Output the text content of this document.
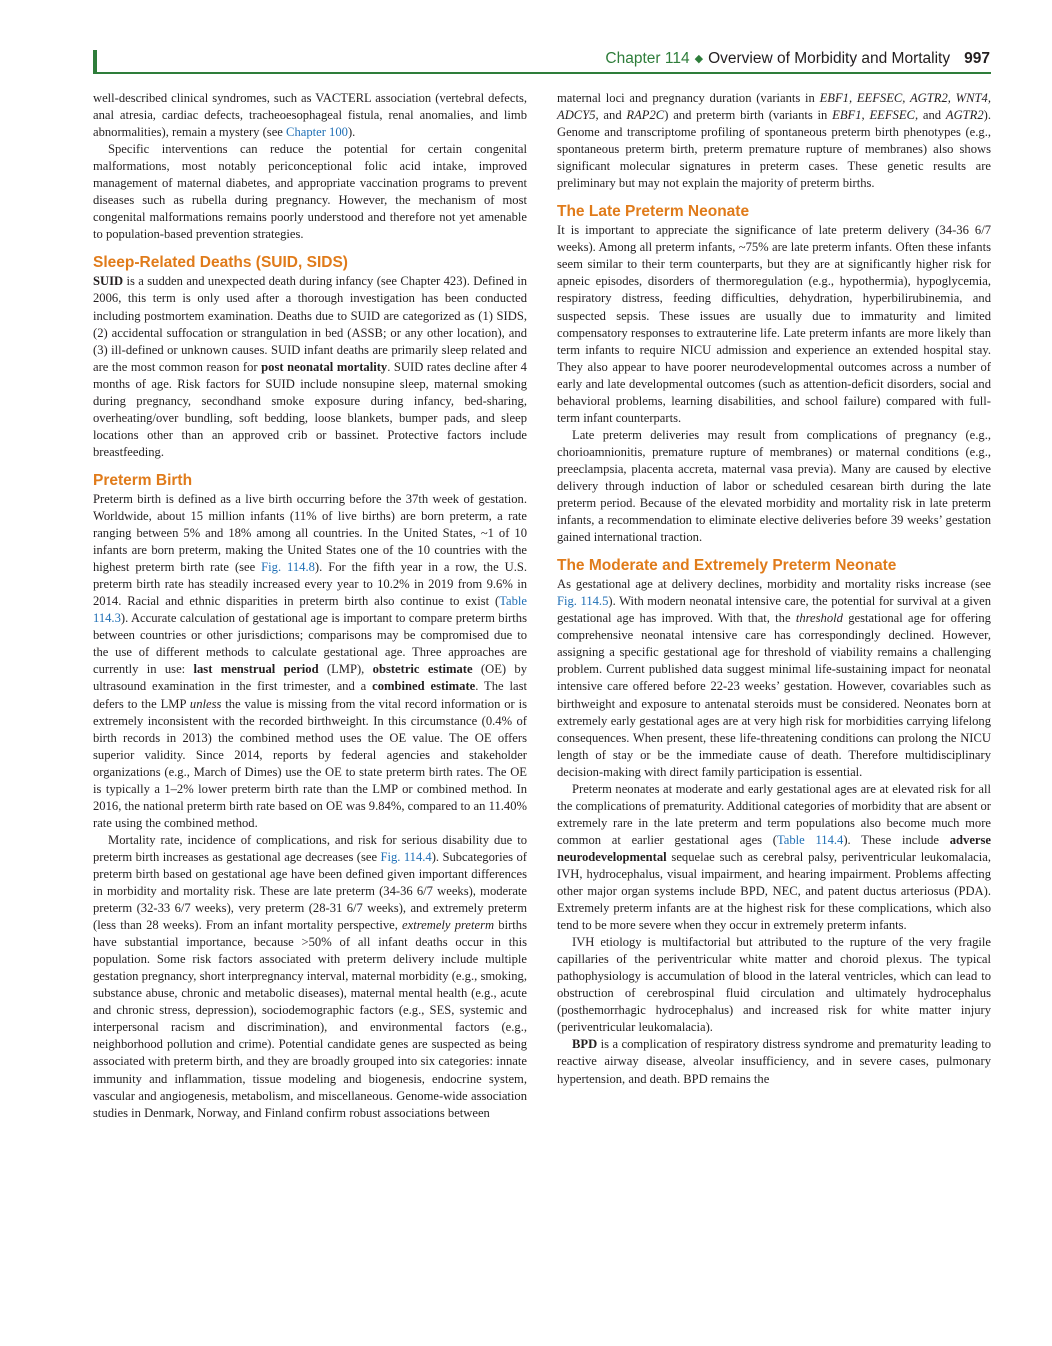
Chapter 114 ◆ Overview of Morbidity and Mortality 997

well-described clinical syndromes, such as VACTERL association (vertebral defects, anal atresia, cardiac defects, tracheoesophageal fistula, renal anomalies, and limb abnormalities), remain a mystery (see Chapter 100).

Specific interventions can reduce the potential for certain congenital malformations, most notably periconceptional folic acid intake, improved management of maternal diabetes, and appropriate vaccination programs to prevent diseases such as rubella during pregnancy. However, the mechanism of most congenital malformations remains poorly understood and therefore not yet amenable to population-based prevention strategies.

Sleep-Related Deaths (SUID, SIDS)

SUID is a sudden and unexpected death during infancy (see Chapter 423). Defined in 2006, this term is only used after a thorough investigation has been conducted including postmortem examination. Deaths due to SUID are categorized as (1) SIDS, (2) accidental suffocation or strangulation in bed (ASSB; or any other location), and (3) ill-defined or unknown causes. SUID infant deaths are primarily sleep related and are the most common reason for post neonatal mortality. SUID rates decline after 4 months of age. Risk factors for SUID include nonsupine sleep, maternal smoking during pregnancy, secondhand smoke exposure during infancy, bed-sharing, overheating/over bundling, soft bedding, loose blankets, bumper pads, and sleep locations other than an approved crib or bassinet. Protective factors include breastfeeding.

Preterm Birth

Preterm birth is defined as a live birth occurring before the 37th week of gestation. Worldwide, about 15 million infants (11% of live births) are born preterm, a rate ranging between 5% and 18% among all countries. In the United States, ~1 of 10 infants are born preterm, making the United States one of the 10 countries with the highest preterm birth rate (see Fig. 114.8). For the fifth year in a row, the U.S. preterm birth rate has steadily increased every year to 10.2% in 2019 from 9.6% in 2014. Racial and ethnic disparities in preterm birth also continue to exist (Table 114.3). Accurate calculation of gestational age is important to compare preterm births between countries or other jurisdictions; comparisons may be compromised due to the use of different methods to calculate gestational age. Three approaches are currently in use: last menstrual period (LMP), obstetric estimate (OE) by ultrasound examination in the first trimester, and a combined estimate. The last defers to the LMP unless the value is missing from the vital record information or is extremely inconsistent with the recorded birthweight. In this circumstance (0.4% of birth records in 2013) the combined method uses the OE value. The OE offers superior validity. Since 2014, reports by federal agencies and stakeholder organizations (e.g., March of Dimes) use the OE to state preterm birth rates. The OE is typically a 1–2% lower preterm birth rate than the LMP or combined method. In 2016, the national preterm birth rate based on OE was 9.84%, compared to an 11.40% rate using the combined method.

Mortality rate, incidence of complications, and risk for serious disability due to preterm birth increases as gestational age decreases (see Fig. 114.4). Subcategories of preterm birth based on gestational age have been defined given important differences in morbidity and mortality risk. These are late preterm (34-36 6/7 weeks), moderate preterm (32-33 6/7 weeks), very preterm (28-31 6/7 weeks), and extremely preterm (less than 28 weeks). From an infant mortality perspective, extremely preterm births have substantial importance, because >50% of all infant deaths occur in this population. Some risk factors associated with preterm delivery include multiple gestation pregnancy, short interpregnancy interval, maternal morbidity (e.g., smoking, substance abuse, chronic and metabolic diseases), maternal mental health (e.g., acute and chronic stress, depression), sociodemographic factors (e.g., SES, systemic and interpersonal racism and discrimination), and environmental factors (e.g., neighborhood pollution and crime). Potential candidate genes are suspected as being associated with preterm birth, and they are broadly grouped into six categories: innate immunity and inflammation, tissue modeling and biogenesis, endocrine system, vascular and angiogenesis, metabolism, and miscellaneous. Genome-wide association studies in Denmark, Norway, and Finland confirm robust associations between

maternal loci and pregnancy duration (variants in EBF1, EEFSEC, AGTR2, WNT4, ADCY5, and RAP2C) and preterm birth (variants in EBF1, EEFSEC, and AGTR2). Genome and transcriptome profiling of spontaneous preterm birth phenotypes (e.g., spontaneous preterm birth, preterm premature rupture of membranes) also shows significant molecular signatures in preterm cases. These genetic results are preliminary but may not explain the majority of preterm births.

The Late Preterm Neonate

It is important to appreciate the significance of late preterm delivery (34-36 6/7 weeks). Among all preterm infants, ~75% are late preterm infants. Often these infants seem similar to their term counterparts, but they are at significantly higher risk for apneic episodes, disorders of thermoregulation (e.g., hypothermia), hypoglycemia, respiratory distress, feeding difficulties, dehydration, hyperbilirubinemia, and suspected sepsis. These issues are usually due to immaturity and limited compensatory responses to extrauterine life. Late preterm infants are more likely than term infants to require NICU admission and experience an extended hospital stay. They also appear to have poorer neurodevelopmental outcomes across a number of early and late developmental outcomes (such as attention-deficit disorders, social and behavioral problems, learning disabilities, and school failure) compared with full-term infant counterparts.

Late preterm deliveries may result from complications of pregnancy (e.g., chorioamnionitis, premature rupture of membranes) or maternal conditions (e.g., preeclampsia, placenta accreta, maternal vasa previa). Many are caused by elective delivery through induction of labor or scheduled cesarean birth during the late preterm period. Because of the elevated morbidity and mortality risk in late preterm infants, a recommendation to eliminate elective deliveries before 39 weeks’ gestation gained international traction.

The Moderate and Extremely Preterm Neonate

As gestational age at delivery declines, morbidity and mortality risks increase (see Fig. 114.5). With modern neonatal intensive care, the potential for survival at a given gestational age has improved. With that, the threshold gestational age for offering comprehensive neonatal intensive care has correspondingly declined. However, assigning a specific gestational age for threshold of viability remains a challenging problem. Current published data suggest minimal life-sustaining impact for neonatal intensive care offered before 22-23 weeks’ gestation. However, covariables such as birthweight and exposure to antenatal steroids must be considered. Neonates born at extremely early gestational ages are at very high risk for morbidities carrying lifelong consequences. When present, these life-threatening conditions can prolong the NICU length of stay or be the immediate cause of death. Therefore multidisciplinary decision-making with direct family participation is essential.

Preterm neonates at moderate and early gestational ages are at elevated risk for all the complications of prematurity. Additional categories of morbidity that are absent or extremely rare in the late preterm and term populations also become much more common at earlier gestational ages (Table 114.4). These include adverse neurodevelopmental sequelae such as cerebral palsy, periventricular leukomalacia, IVH, hydrocephalus, visual impairment, and hearing impairment. Problems affecting other major organ systems include BPD, NEC, and patent ductus arteriosus (PDA). Extremely preterm infants are at the highest risk for these complications, which also tend to be more severe when they occur in extremely preterm infants.

IVH etiology is multifactorial but attributed to the rupture of the very fragile capillaries of the periventricular white matter and choroid plexus. The typical pathophysiology is accumulation of blood in the lateral ventricles, which can lead to obstruction of cerebrospinal fluid circulation and ultimately hydrocephalus (posthemorrhagic hydrocephalus) and increased risk for white matter injury (periventricular leukomalacia).

BPD is a complication of respiratory distress syndrome and prematurity leading to reactive airway disease, alveolar insufficiency, and in severe cases, pulmonary hypertension, and death. BPD remains the
